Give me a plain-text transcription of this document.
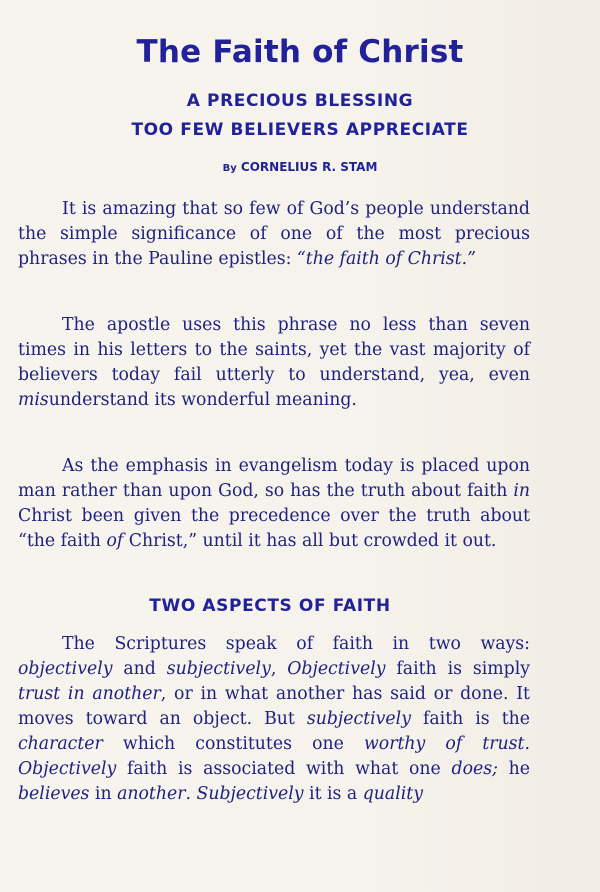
The Faith of Christ
A PRECIOUS BLESSING
TOO FEW BELIEVERS APPRECIATE
By CORNELIUS R. STAM
It is amazing that so few of God’s people understand the simple significance of one of the most precious phrases in the Pauline epistles: “the faith of Christ.”
The apostle uses this phrase no less than seven times in his letters to the saints, yet the vast majority of believers today fail utterly to understand, yea, even misunderstand its wonderful meaning.
As the emphasis in evangelism today is placed upon man rather than upon God, so has the truth about faith in Christ been given the precedence over the truth about “the faith of Christ,” until it has all but crowded it out.
TWO ASPECTS OF FAITH
The Scriptures speak of faith in two ways: objectively and subjectively, Objectively faith is simply trust in another, or in what another has said or done. It moves toward an object. But subjectively faith is the character which constitutes one worthy of trust. Objectively faith is associated with what one does; he believes in another. Subjectively it is a quality
